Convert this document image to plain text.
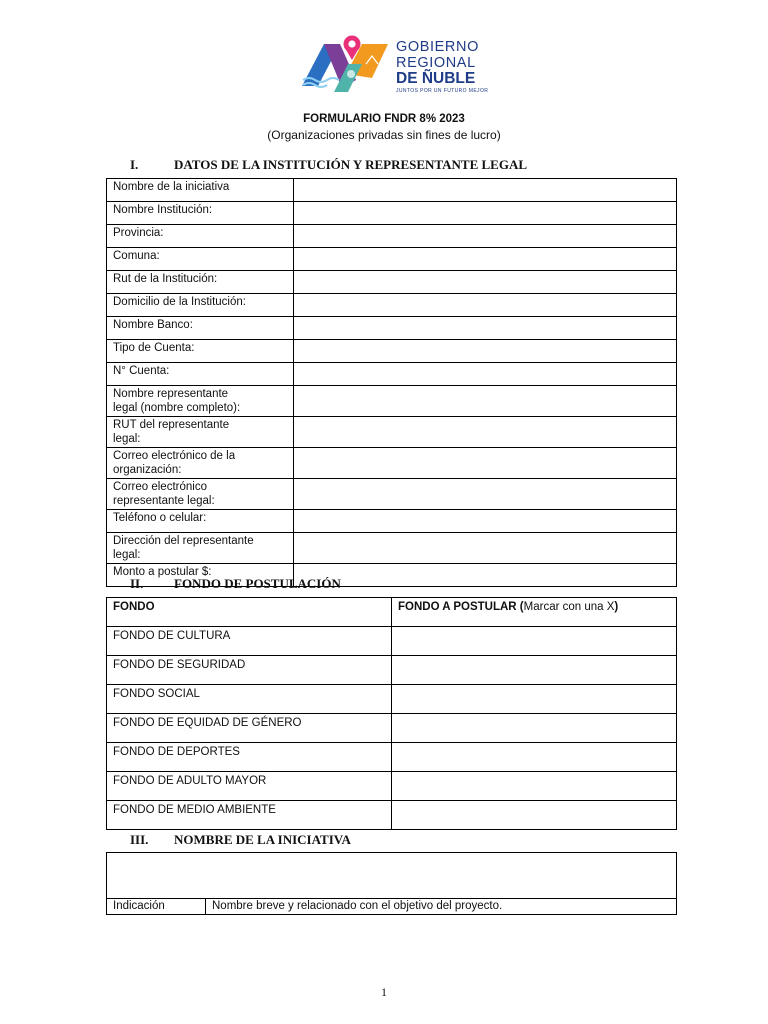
GOBIERNO
REGIONAL
DE ÑUBLE
JUNTOS POR UN FUTURO MEJOR
FORMULARIO FNDR 8% 2023
(Organizaciones privadas sin fines de lucro)
I.	DATOS DE LA INSTITUCIÓN Y REPRESENTANTE LEGAL
Nombre de la iniciativa	

Nombre Institución:	

Provincia:	

Comuna:	

Rut de la Institución:	

Domicilio de la Institución:	

Nombre Banco:	

Tipo de Cuenta:	

N° Cuenta:	

Nombre representante
legal (nombre completo):	

RUT del representante
legal:	

Correo electrónico de la
organización:	

Correo electrónico
representante legal:	

Teléfono o celular:	

Dirección del representante
legal:	

Monto a postular $:	

II. FONDO DE POSTULACIÓN
FONDO	FONDO A POSTULAR (Marcar con una X)
FONDO DE CULTURA	
FONDO DE SEGURIDAD	
FONDO SOCIAL	
FONDO DE EQUIDAD DE GÉNERO	
FONDO DE DEPORTES	
FONDO DE ADULTO MAYOR	
FONDO DE MEDIO AMBIENTE	
III. NOMBRE DE LA INICIATIVA

Indicación	Nombre breve y relacionado con el objetivo del proyecto.
1
